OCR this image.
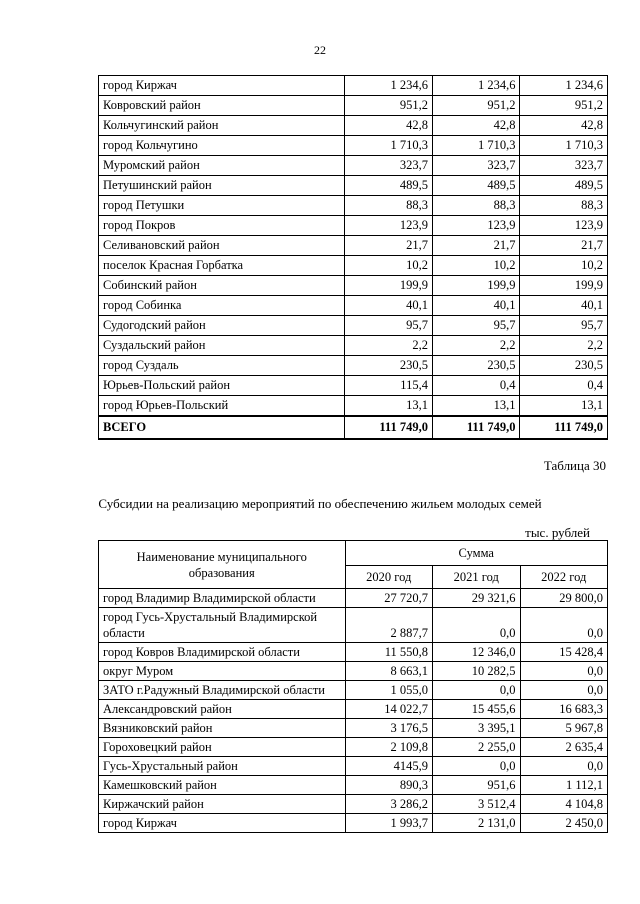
22
город Киржач	1 234,6	1 234,6	1 234,6
Ковровский район	951,2	951,2	951,2
Кольчугинский район	42,8	42,8	42,8
город Кольчугино	1 710,3	1 710,3	1 710,3
Муромский район	323,7	323,7	323,7
Петушинский район	489,5	489,5	489,5
город Петушки	88,3	88,3	88,3
город Покров	123,9	123,9	123,9
Селивановский район	21,7	21,7	21,7
поселок Красная Горбатка	10,2	10,2	10,2
Собинский район	199,9	199,9	199,9
город Собинка	40,1	40,1	40,1
Судогодский район	95,7	95,7	95,7
Суздальский район	2,2	2,2	2,2
город Суздаль	230,5	230,5	230,5
Юрьев-Польский район	115,4	0,4	0,4
город Юрьев-Польский	13,1	13,1	13,1
ВСЕГО	111 749,0	111 749,0	111 749,0
Таблица 30
Субсидии на реализацию мероприятий по обеспечению жильем молодых семей
тыс. рублей
Наименование муниципального образования	Сумма		
	2020 год	2021 год	2022 год
город Владимир Владимирской области	27 720,7	29 321,6	29 800,0
город Гусь-Хрустальный Владимирской области	2 887,7	0,0	0,0
город Ковров Владимирской области	11 550,8	12 346,0	15 428,4
округ Муром	8 663,1	10 282,5	0,0
ЗАТО г.Радужный Владимирской области	1 055,0	0,0	0,0
Александровский район	14 022,7	15 455,6	16 683,3
Вязниковский район	3 176,5	3 395,1	5 967,8
Гороховецкий район	2 109,8	2 255,0	2 635,4
Гусь-Хрустальный район	4145,9	0,0	0,0
Камешковский район	890,3	951,6	1 112,1
Киржачский район	3 286,2	3 512,4	4 104,8
город Киржач	1 993,7	2 131,0	2 450,0
